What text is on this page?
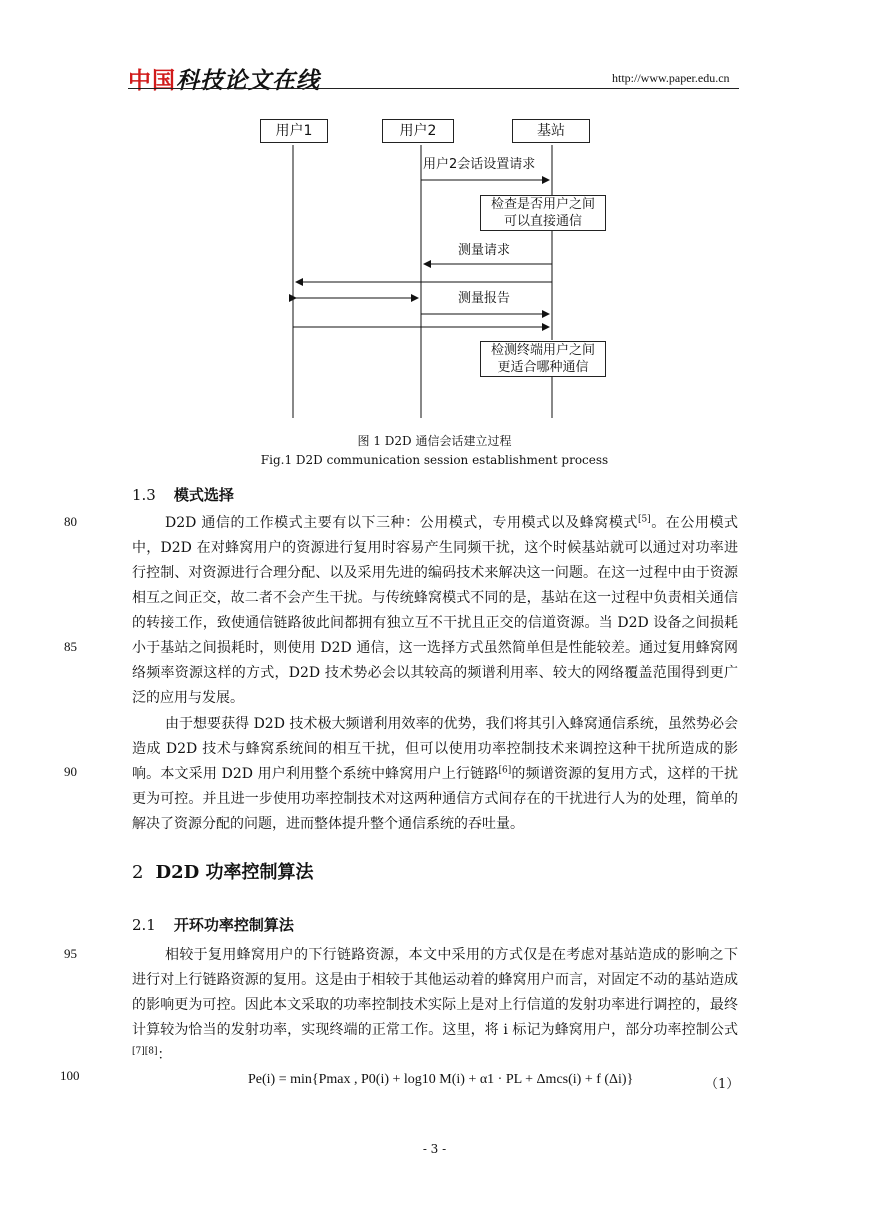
中国科技论文在线	http://www.paper.edu.cn
用户1	用户2	基站
用户2会话设置请求
检查是否用户之间
可以直接通信
测量请求
测量报告
检测终端用户之间
更适合哪种通信
图 1 D2D 通信会话建立过程
Fig.1 D2D communication session establishment process
1.3 模式选择
D2D 通信的工作模式主要有以下三种：公用模式，专用模式以及蜂窝模式[5]。在公用模式中，D2D 在对蜂窝用户的资源进行复用时容易产生同频干扰，这个时候基站就可以通过对功率进行控制、对资源进行合理分配、以及采用先进的编码技术来解决这一问题。在这一过程中由于资源相互之间正交，故二者不会产生干扰。与传统蜂窝模式不同的是，基站在这一过程中负责相关通信的转接工作，致使通信链路彼此间都拥有独立互不干扰且正交的信道资源。当 D2D 设备之间损耗小于基站之间损耗时，则使用 D2D 通信，这一选择方式虽然简单但是性能较差。通过复用蜂窝网络频率资源这样的方式，D2D 技术势必会以其较高的频谱利用率、较大的网络覆盖范围得到更广泛的应用与发展。
由于想要获得 D2D 技术极大频谱利用效率的优势，我们将其引入蜂窝通信系统，虽然势必会造成 D2D 技术与蜂窝系统间的相互干扰，但可以使用功率控制技术来调控这种干扰所造成的影响。本文采用 D2D 用户利用整个系统中蜂窝用户上行链路[6]的频谱资源的复用方式，这样的干扰更为可控。并且进一步使用功率控制技术对这两种通信方式间存在的干扰进行人为的处理，简单的解决了资源分配的问题，进而整体提升整个通信系统的吞吐量。
2 D2D 功率控制算法
2.1 开环功率控制算法
相较于复用蜂窝用户的下行链路资源，本文中采用的方式仅是在考虑对基站造成的影响之下进行对上行链路资源的复用。这是由于相较于其他运动着的蜂窝用户而言，对固定不动的基站造成的影响更为可控。因此本文采取的功率控制技术实际上是对上行信道的发射功率进行调控的，最终计算较为恰当的发射功率，实现终端的正常工作。这里，将 i 标记为蜂窝用户，部分功率控制公式[7][8]：
Pe(i) = min{Pmax , P0(i) + log10 M(i) + α1 · PL + Δmcs(i) + f (Δi)}	（1）
80
85
90
95
100
- 3 -
